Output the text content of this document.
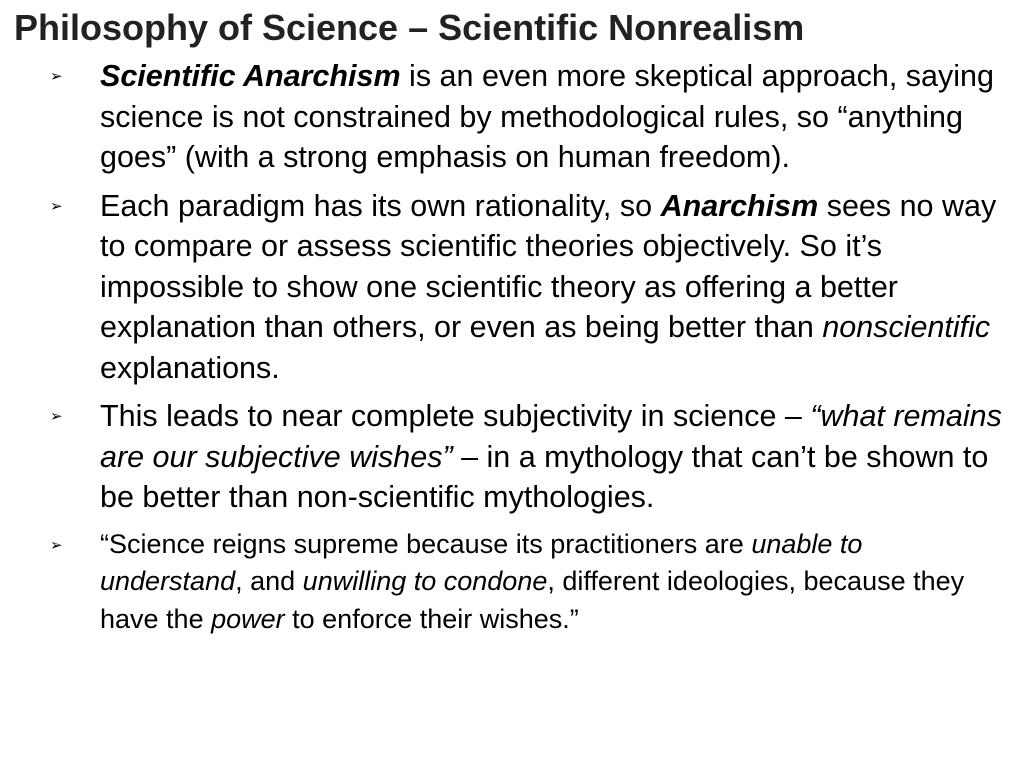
Philosophy of Science – Scientific Nonrealism
➢	Scientific Anarchism is an even more skeptical approach, saying science is not constrained by methodological rules, so “anything goes” (with a strong emphasis on human freedom).
➢	Each paradigm has its own rationality, so Anarchism sees no way to compare or assess scientific theories objectively. So it’s impossible to show one scientific theory as offering a better explanation than others, or even as being better than nonscientific explanations.
➢	This leads to near complete subjectivity in science – “what remains are our subjective wishes” – in a mythology that can’t be shown to be better than non-scientific mythologies.
➢	“Science reigns supreme because its practitioners are unable to understand, and unwilling to condone, different ideologies, because they have the power to enforce their wishes.”
